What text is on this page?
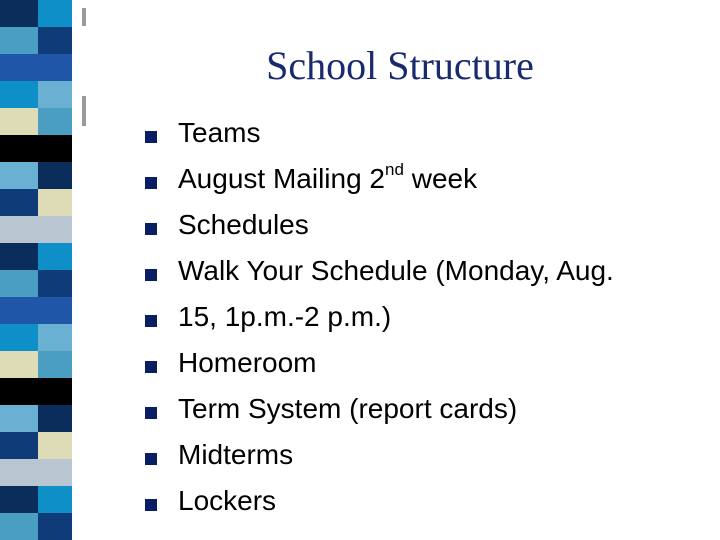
School Structure
Teams
August Mailing 2nd week
Schedules
Walk Your Schedule (Monday, Aug.
15, 1p.m.-2 p.m.)
Homeroom
Term System (report cards)
Midterms
Lockers
